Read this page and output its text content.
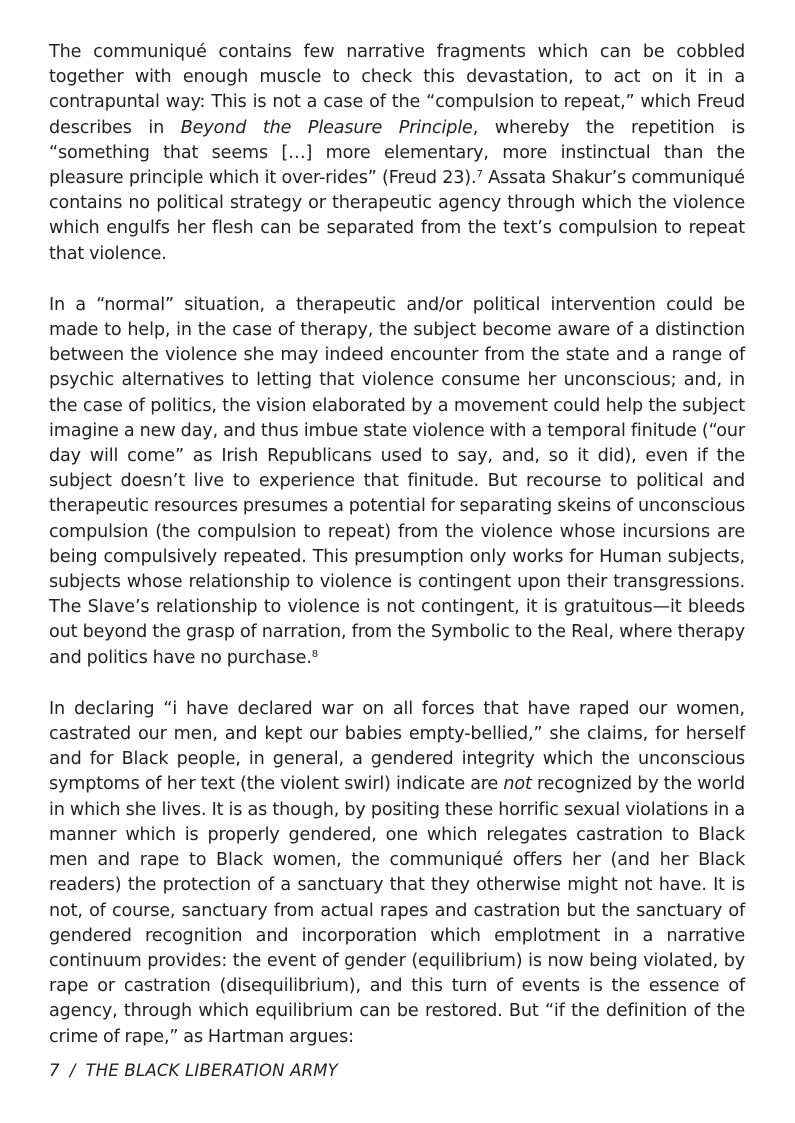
The communiqué contains few narrative fragments which can be cobbled together with enough muscle to check this devastation, to act on it in a contrapuntal way: This is not a case of the “compulsion to repeat,” which Freud describes in Beyond the Pleasure Principle, whereby the repetition is “something that seems […] more elementary, more instinctual than the pleasure principle which it over-rides” (Freud 23).$^7$ Assata Shakur’s communiqué contains no political strategy or therapeutic agency through which the violence which engulfs her flesh can be separated from the text’s compulsion to repeat that violence.

In a “normal” situation, a therapeutic and/or political intervention could be made to help, in the case of therapy, the subject become aware of a distinction between the violence she may indeed encounter from the state and a range of psychic alternatives to letting that violence consume her unconscious; and, in the case of politics, the vision elaborated by a movement could help the subject imagine a new day, and thus imbue state violence with a temporal finitude (“our day will come” as Irish Republicans used to say, and, so it did), even if the subject doesn’t live to experience that finitude. But recourse to political and therapeutic resources presumes a potential for separating skeins of unconscious compulsion (the compulsion to repeat) from the violence whose incursions are being compulsively repeated. This presumption only works for Human subjects, subjects whose relationship to violence is contingent upon their transgressions. The Slave’s relationship to violence is not contingent, it is gratuitous—it bleeds out beyond the grasp of narration, from the Symbolic to the Real, where therapy and politics have no purchase.$^8$

In declaring “i have declared war on all forces that have raped our women, castrated our men, and kept our babies empty-bellied,” she claims, for herself and for Black people, in general, a gendered integrity which the unconscious symptoms of her text (the violent swirl) indicate are not recognized by the world in which she lives. It is as though, by positing these horrific sexual violations in a manner which is properly gendered, one which relegates castration to Black men and rape to Black women, the communiqué offers her (and her Black readers) the protection of a sanctuary that they otherwise might not have. It is not, of course, sanctuary from actual rapes and castration but the sanctuary of gendered recognition and incorporation which emplotment in a narrative continuum provides: the event of gender (equilibrium) is now being violated, by rape or castration (disequilibrium), and this turn of events is the essence of agency, through which equilibrium can be restored. But “if the definition of the crime of rape,” as Hartman argues:

7 / THE BLACK LIBERATION ARMY
